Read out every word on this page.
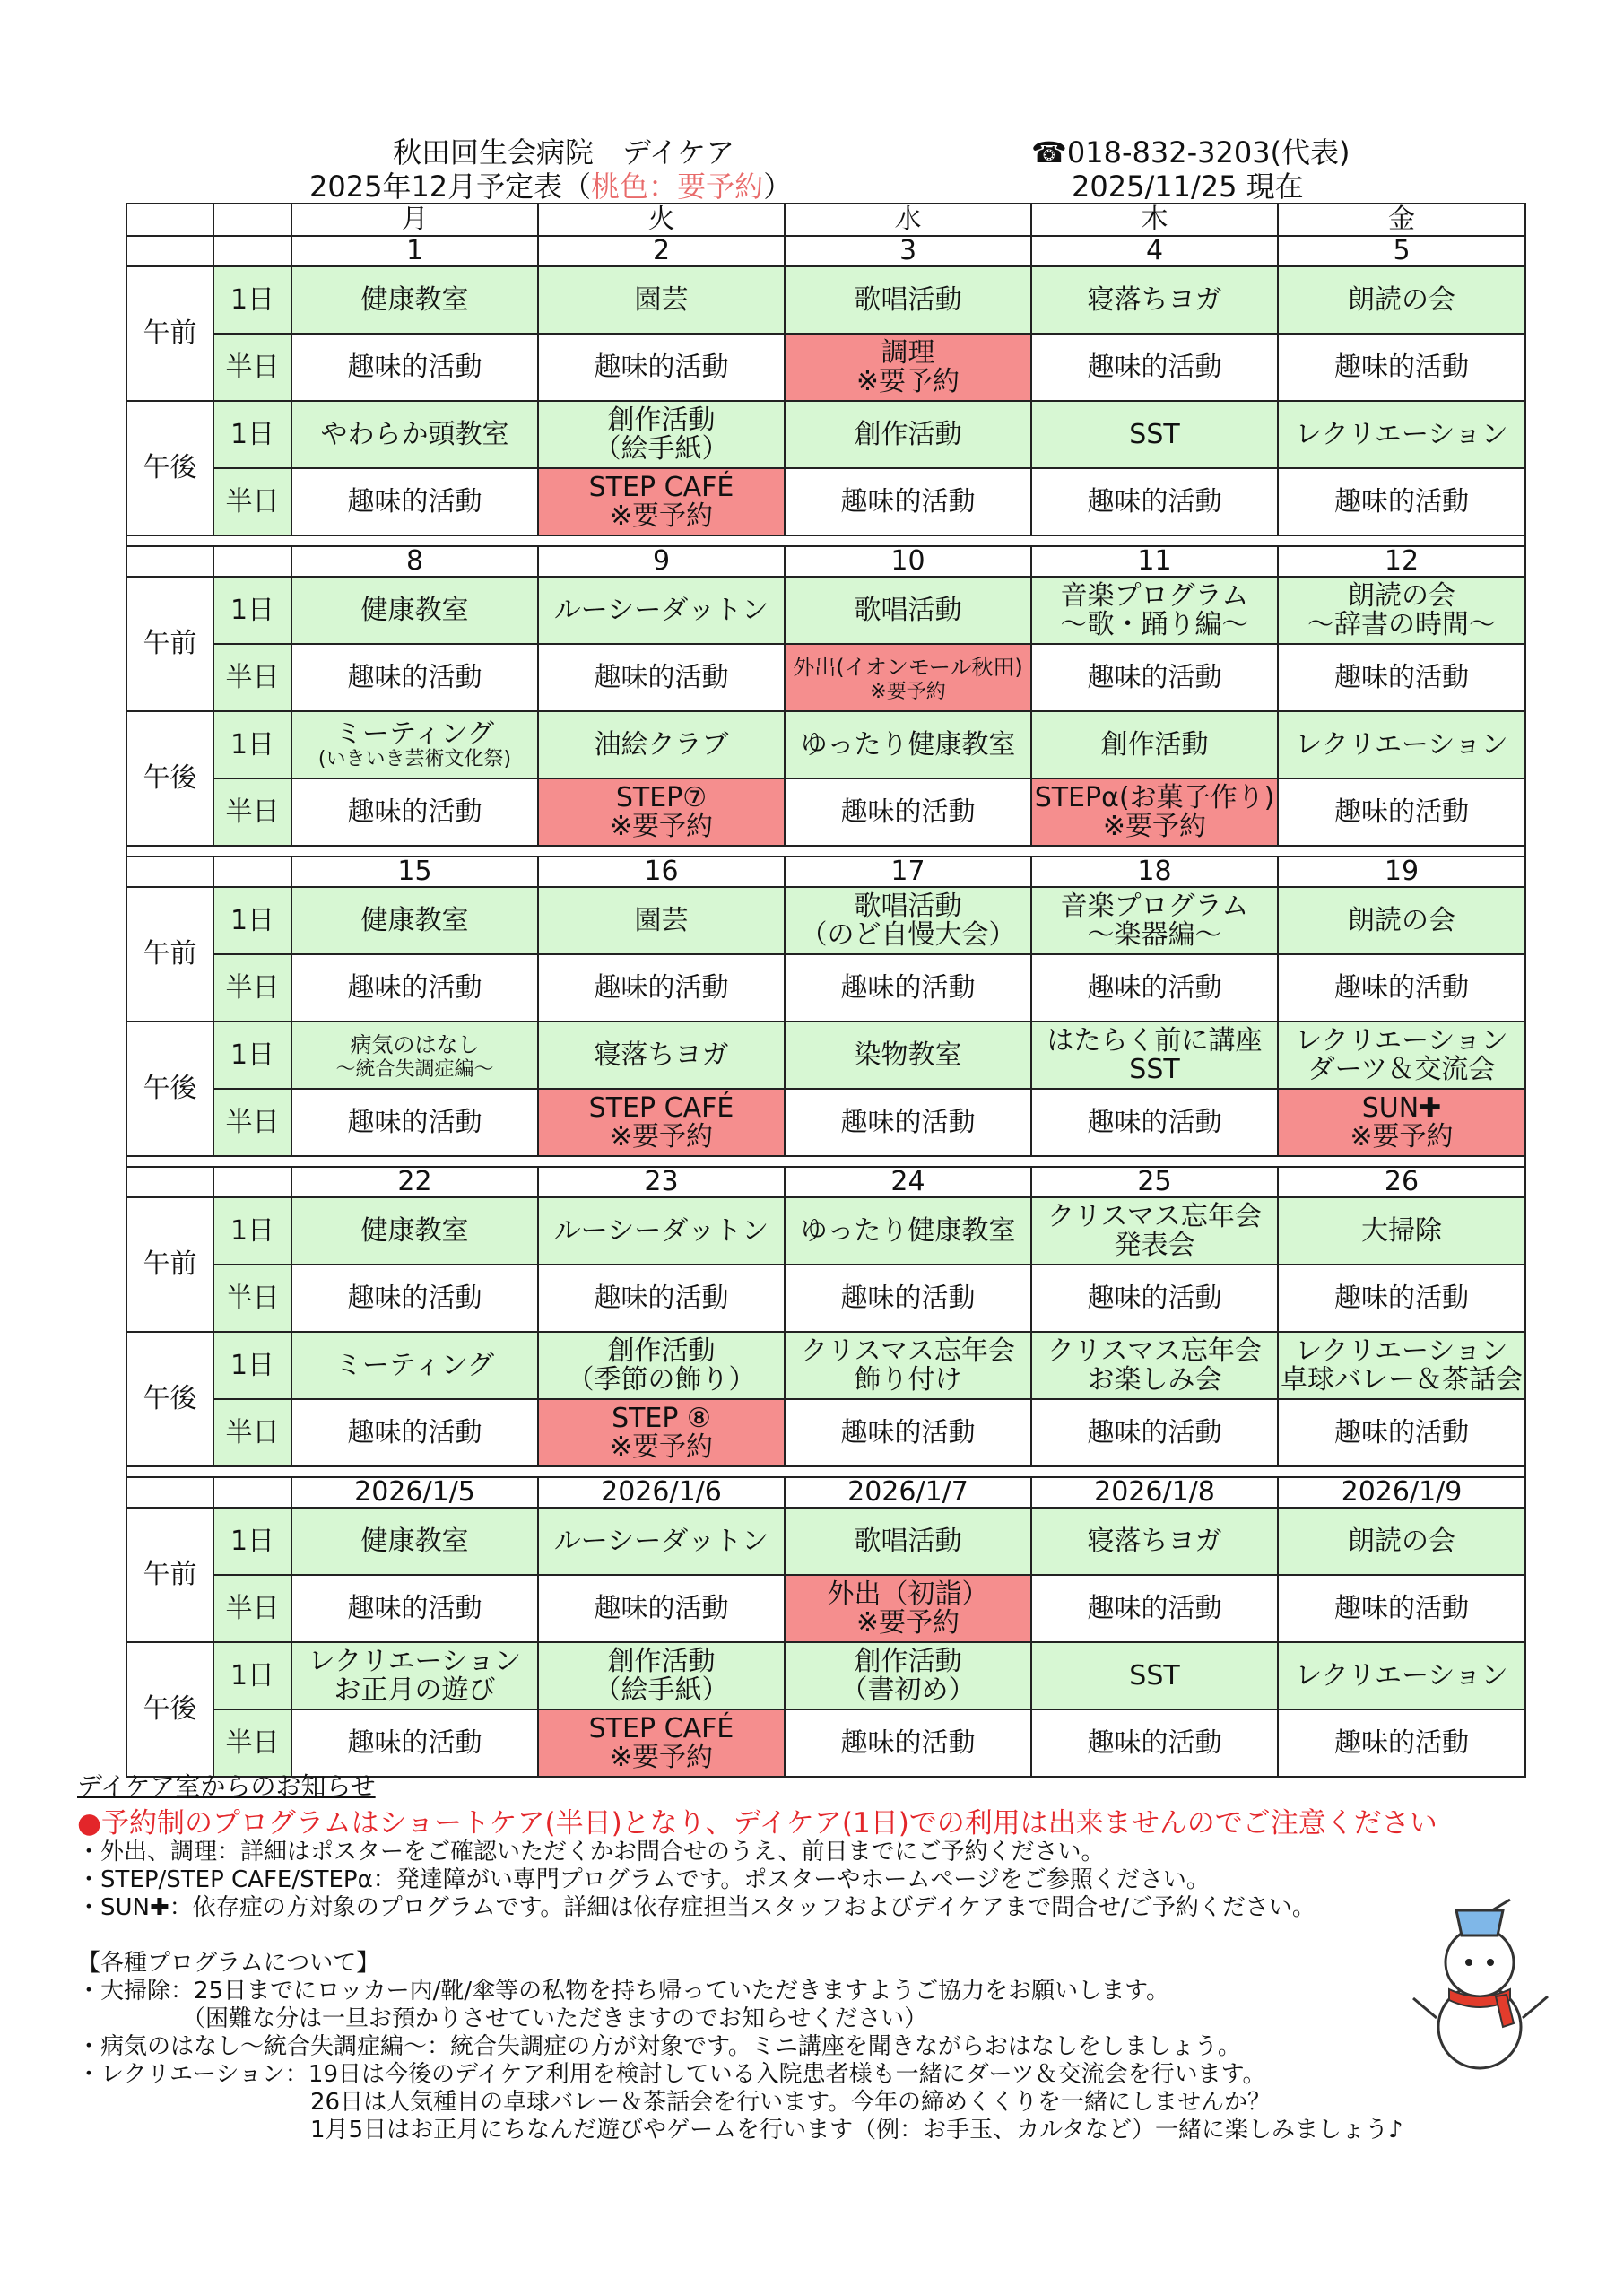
秋田回生会病院　デイケア
2025年12月予定表（桃色：要予約）
☎018-832-3203(代表)
2025/11/25 現在
		月	火	水	木	金
		1	2	3	4	5
午前	1日	健康教室	園芸	歌唱活動	寝落ちヨガ	朗読の会

	半日	趣味的活動	趣味的活動	調理
※要予約	趣味的活動	趣味的活動

午後	1日	やわらか頭教室	創作活動
（絵手紙）	創作活動	SST	レクリエーション

	半日	趣味的活動	STEP CAFÉ
※要予約	趣味的活動	趣味的活動	趣味的活動

		8	9	10	11	12
午前	1日	健康教室	ルーシーダットン	歌唱活動	音楽プログラム
～歌・踊り編～	朗読の会
～辞書の時間～

	半日	趣味的活動	趣味的活動	外出(イオンモール秋田)
※要予約	趣味的活動	趣味的活動

午後	1日	ミーティング
(いきいき芸術文化祭)	油絵クラブ	ゆったり健康教室	創作活動	レクリエーション

	半日	趣味的活動	STEP⑦
※要予約	趣味的活動	STEPα(お菓子作り)
※要予約	趣味的活動

		15	16	17	18	19
午前	1日	健康教室	園芸	歌唱活動
（のど自慢大会）	音楽プログラム
～楽器編～	朗読の会

	半日	趣味的活動	趣味的活動	趣味的活動	趣味的活動	趣味的活動

午後	1日	病気のはなし
～統合失調症編～	寝落ちヨガ	染物教室	はたらく前に講座
SST	レクリエーション
ダーツ＆交流会

	半日	趣味的活動	STEP CAFÉ
※要予約	趣味的活動	趣味的活動	SUN✚
※要予約

		22	23	24	25	26
午前	1日	健康教室	ルーシーダットン	ゆったり健康教室	クリスマス忘年会
発表会	大掃除

	半日	趣味的活動	趣味的活動	趣味的活動	趣味的活動	趣味的活動

午後	1日	ミーティング	創作活動
（季節の飾り）	クリスマス忘年会
飾り付け	クリスマス忘年会
お楽しみ会	レクリエーション
卓球バレー＆茶話会

	半日	趣味的活動	STEP ⑧
※要予約	趣味的活動	趣味的活動	趣味的活動

		2026/1/5	2026/1/6	2026/1/7	2026/1/8	2026/1/9
午前	1日	健康教室	ルーシーダットン	歌唱活動	寝落ちヨガ	朗読の会

	半日	趣味的活動	趣味的活動	外出（初詣）
※要予約	趣味的活動	趣味的活動

午後	1日	レクリエーション
お正月の遊び	創作活動
（絵手紙）	創作活動
（書初め）	SST	レクリエーション

	半日	趣味的活動	STEP CAFÉ
※要予約	趣味的活動	趣味的活動	趣味的活動
デイケア室からのお知らせ
●予約制のプログラムはショートケア(半日)となり、デイケア(1日)での利用は出来ませんのでご注意ください
・外出、調理：詳細はポスターをご確認いただくかお問合せのうえ、前日までにご予約ください。
・STEP/STEP CAFE/STEPα：発達障がい専門プログラムです。ポスターやホームページをご参照ください。
・SUN✚：依存症の方対象のプログラムです。詳細は依存症担当スタッフおよびデイケアまで問合せ/ご予約ください。
【各種プログラムについて】
・大掃除：25日までにロッカー内/靴/傘等の私物を持ち帰っていただきますようご協力をお願いします。
　　　　　（困難な分は一旦お預かりさせていただきますのでお知らせください）
・病気のはなし～統合失調症編～：統合失調症の方が対象です。ミニ講座を聞きながらおはなしをしましょう。
・レクリエーション：19日は今後のデイケア利用を検討している入院患者様も一緒にダーツ＆交流会を行います。
　　　　　　　　　　26日は人気種目の卓球バレー＆茶話会を行います。今年の締めくくりを一緒にしませんか？
　　　　　　　　　　1月5日はお正月にちなんだ遊びやゲームを行います（例：お手玉、カルタなど）一緒に楽しみましょう♪
